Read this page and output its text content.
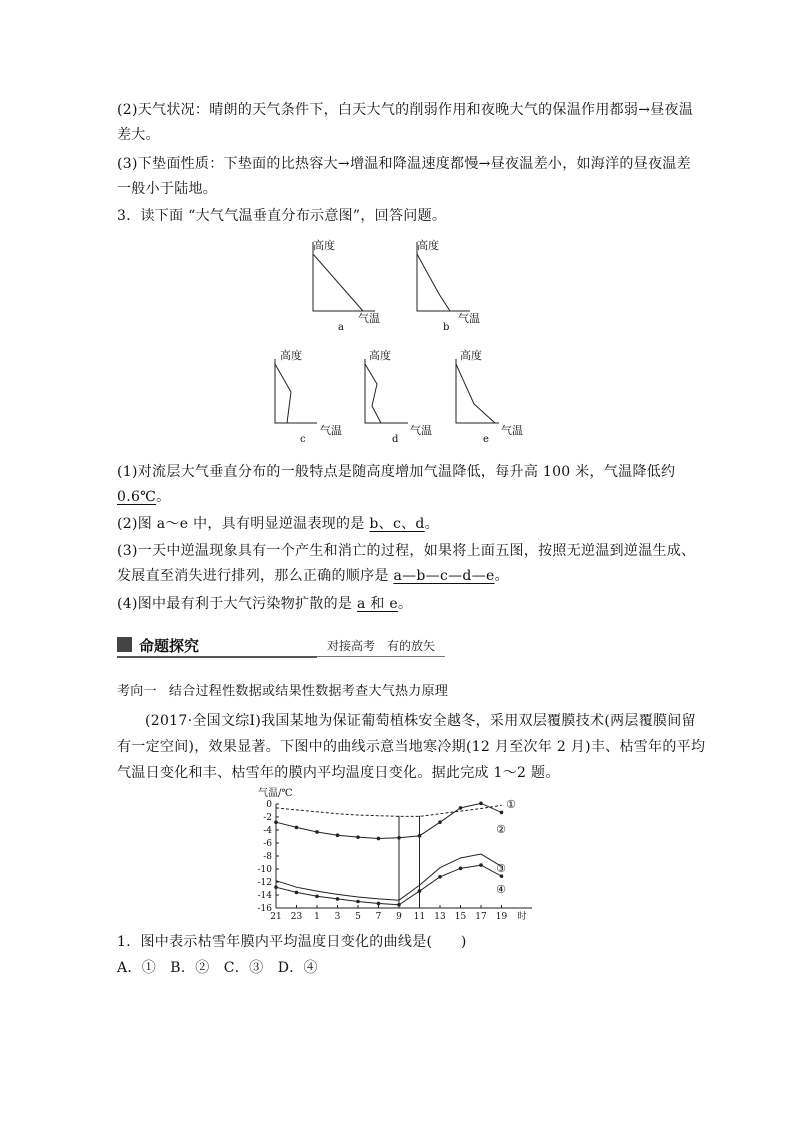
(2)天气状况：晴朗的天气条件下，白天大气的削弱作用和夜晚大气的保温作用都弱→昼夜温
差大。
(3)下垫面性质：下垫面的比热容大→增温和降温速度都慢→昼夜温差小，如海洋的昼夜温差
一般小于陆地。
3．读下面 “大气气温垂直分布示意图”，回答问题。
高度
气温
a
高度
气温
b
高度
气温
c
高度
气温
d
高度
气温
e
(1)对流层大气垂直分布的一般特点是随高度增加气温降低，每升高 100 米，气温降低约
0.6℃。
(2)图 a～e 中，具有明显逆温表现的是 b、c、d。
(3)一天中逆温现象具有一个产生和消亡的过程，如果将上面五图，按照无逆温到逆温生成、
发展直至消失进行排列，那么正确的顺序是 a—b—c—d—e。
(4)图中最有利于大气污染物扩散的是 a 和 e。
命题探究	对接高考　有的放矢
考向一 结合过程性数据或结果性数据考查大气热力原理
(2017·全国文综Ⅰ)我国某地为保证葡萄植株安全越冬，采用双层覆膜技术(两层覆膜间留
有一定空间)，效果显著。下图中的曲线示意当地寒冷期(12 月至次年 2 月)丰、枯雪年的平均
气温日变化和丰、枯雪年的膜内平均温度日变化。据此完成 1～2 题。
气温/℃
0
-2
-4
-6
-8
-10
-12
-14
-16
21 23 1 3 5 7 9 11 13 15 17 19 时
①
②
③
④
1．图中表示枯雪年膜内平均温度日变化的曲线是(　　)
A．①　B．②　C．③　D．④
